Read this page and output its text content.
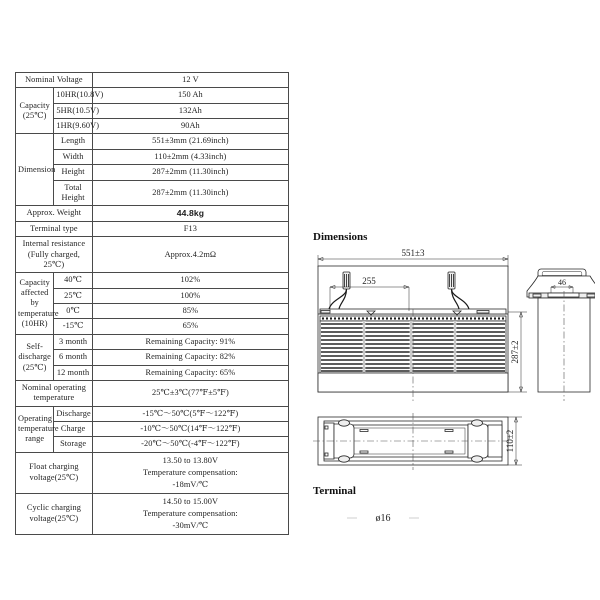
Nominal Voltage		12 V
Capacity
(25℃)	10HR(10.8V)	150 Ah
	5HR(10.5V)	132Ah
	1HR(9.60V)	90Ah
Dimension	Length	551±3mm (21.69inch)
	Width	110±2mm (4.33inch)
	Height	287±2mm (11.30inch)
	Total Height	287±2mm (11.30inch)
Approx. Weight		44.8kg
Terminal type		F13
Internal resistance
(Fully charged, 25℃)		Approx.4.2mΩ
Capacity
affected by
temperature
(10HR)	40℃	102%
	25℃	100%
	0℃	85%
	-15℃	65%
Self-discharge
(25℃)	3 month	Remaining Capacity: 91%
	6 month	Remaining Capacity: 82%
	12 month	Remaining Capacity: 65%
Nominal operating
temperature		25℃±3℃(77℉±5℉)
Operating
temperature
range	Discharge	-15℃～50℃(5℉～122℉)
	Charge	-10℃～50℃(14℉～122℉)
	Storage	-20℃～50℃(-4℉～122℉)
Float charging voltage(25℃)		13.50 to 13.80V
Temperature compensation:
-18mV/℃
Cyclic charging voltage(25℃)		14.50 to 15.00V
Temperature compensation:
-30mV/℃
Dimensions
Terminal
551±3
255
287±2
46
110±2
ø16
